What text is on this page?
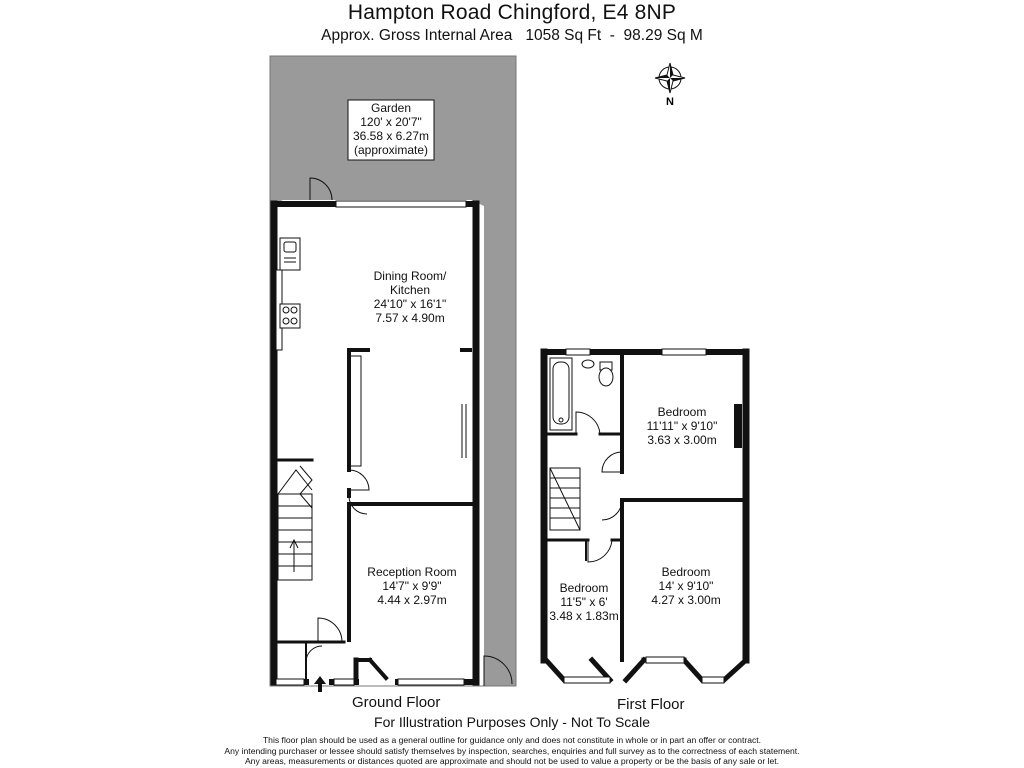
Hampton Road Chingford, E4 8NP
Approx. Gross Internal Area   1058 Sq Ft  -  98.29 Sq M
Garden
120' x 20'7"
36.58 x 6.27m
(approximate)
Dining Room/
Kitchen
24'10" x 16'1"
7.57 x 4.90m
Reception Room
14'7" x 9'9"
4.44 x 2.97m
Bedroom
11'11" x 9'10"
3.63 x 3.00m
Bedroom
14' x 9'10"
4.27 x 3.00m
Bedroom
11'5" x 6'
3.48 x 1.83m
N
Ground Floor	First Floor
For Illustration Purposes Only - Not To Scale
This floor plan should be used as a general outline for guidance only and does not constitute in whole or in part an offer or contract.
Any intending purchaser or lessee should satisfy themselves by inspection, searches, enquiries and full survey as to the correctness of each statement.
Any areas, measurements or distances quoted are approximate and should not be used to value a property or be the basis of any sale or let.
